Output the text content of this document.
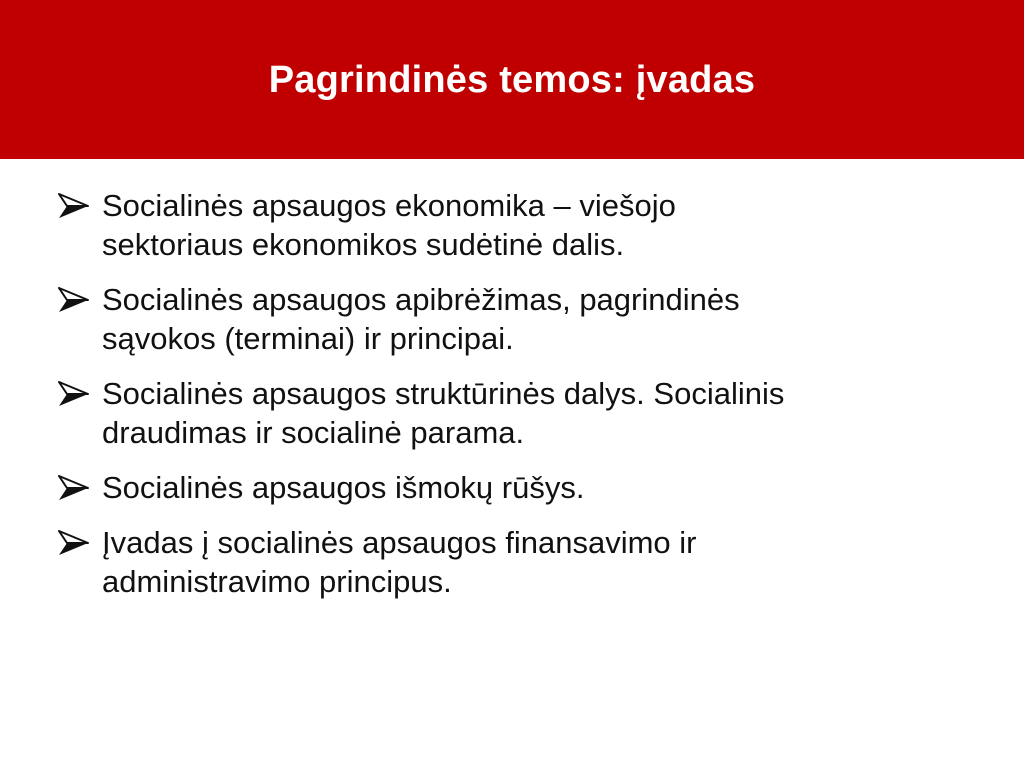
Pagrindinės temos: įvadas
Socialinės apsaugos ekonomika – viešojo
sektoriaus ekonomikos sudėtinė dalis.
Socialinės apsaugos apibrėžimas, pagrindinės
sąvokos (terminai) ir principai.
Socialinės apsaugos struktūrinės dalys. Socialinis
draudimas ir socialinė parama.
Socialinės apsaugos išmokų rūšys.
Įvadas į socialinės apsaugos finansavimo ir
administravimo principus.
